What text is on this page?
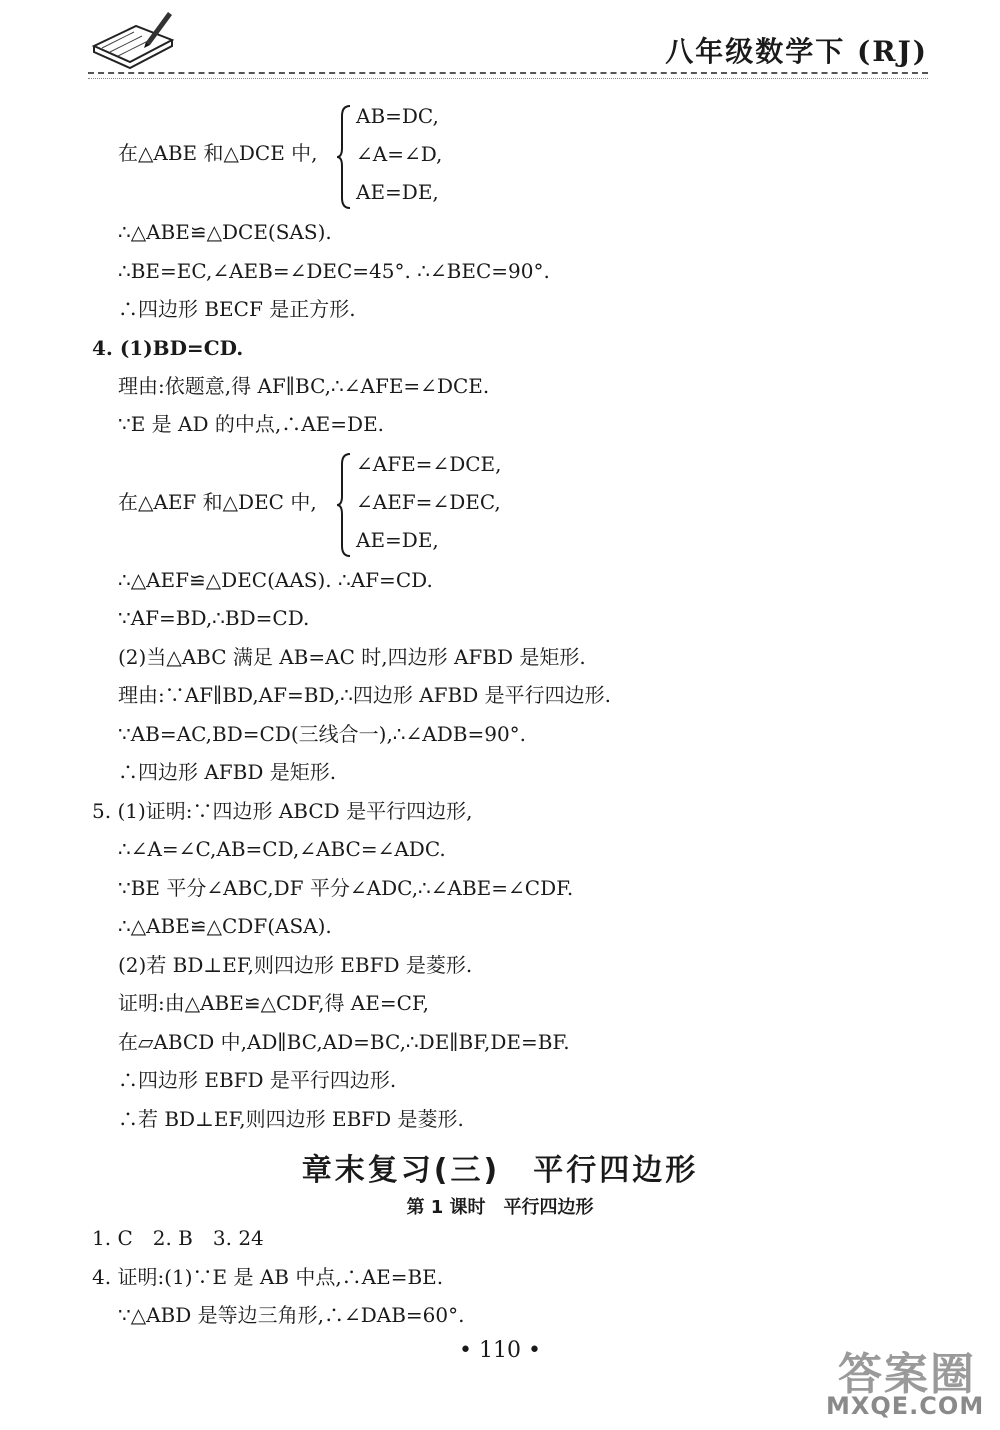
八年级数学下 (RJ)
在△ABE 和△DCE 中,
AB=DC,
∠A=∠D,
AE=DE,
∴△ABE≌△DCE(SAS).
∴BE=EC,∠AEB=∠DEC=45°. ∴∠BEC=90°.
∴四边形 BECF 是正方形.
4. (1)BD=CD.
理由:依题意,得 AF∥BC,∴∠AFE=∠DCE.
∵E 是 AD 的中点,∴AE=DE.
在△AEF 和△DEC 中,
∠AFE=∠DCE,
∠AEF=∠DEC,
AE=DE,
∴△AEF≌△DEC(AAS). ∴AF=CD.
∵AF=BD,∴BD=CD.
(2)当△ABC 满足 AB=AC 时,四边形 AFBD 是矩形.
理由:∵AF∥BD,AF=BD,∴四边形 AFBD 是平行四边形.
∵AB=AC,BD=CD(三线合一),∴∠ADB=90°.
∴四边形 AFBD 是矩形.
5. (1)证明:∵四边形 ABCD 是平行四边形,
∴∠A=∠C,AB=CD,∠ABC=∠ADC.
∵BE 平分∠ABC,DF 平分∠ADC,∴∠ABE=∠CDF.
∴△ABE≌△CDF(ASA).
(2)若 BD⊥EF,则四边形 EBFD 是菱形.
证明:由△ABE≌△CDF,得 AE=CF,
在▱ABCD 中,AD∥BC,AD=BC,∴DE∥BF,DE=BF.
∴四边形 EBFD 是平行四边形.
∴若 BD⊥EF,则四边形 EBFD 是菱形.
章末复习(三)　平行四边形
第 1 课时　平行四边形
1. C　2. B　3. 24
4. 证明:(1)∵E 是 AB 中点,∴AE=BE.
∵△ABD 是等边三角形,∴∠DAB=60°.
• 110 •	答案圈
MXQE.COM
